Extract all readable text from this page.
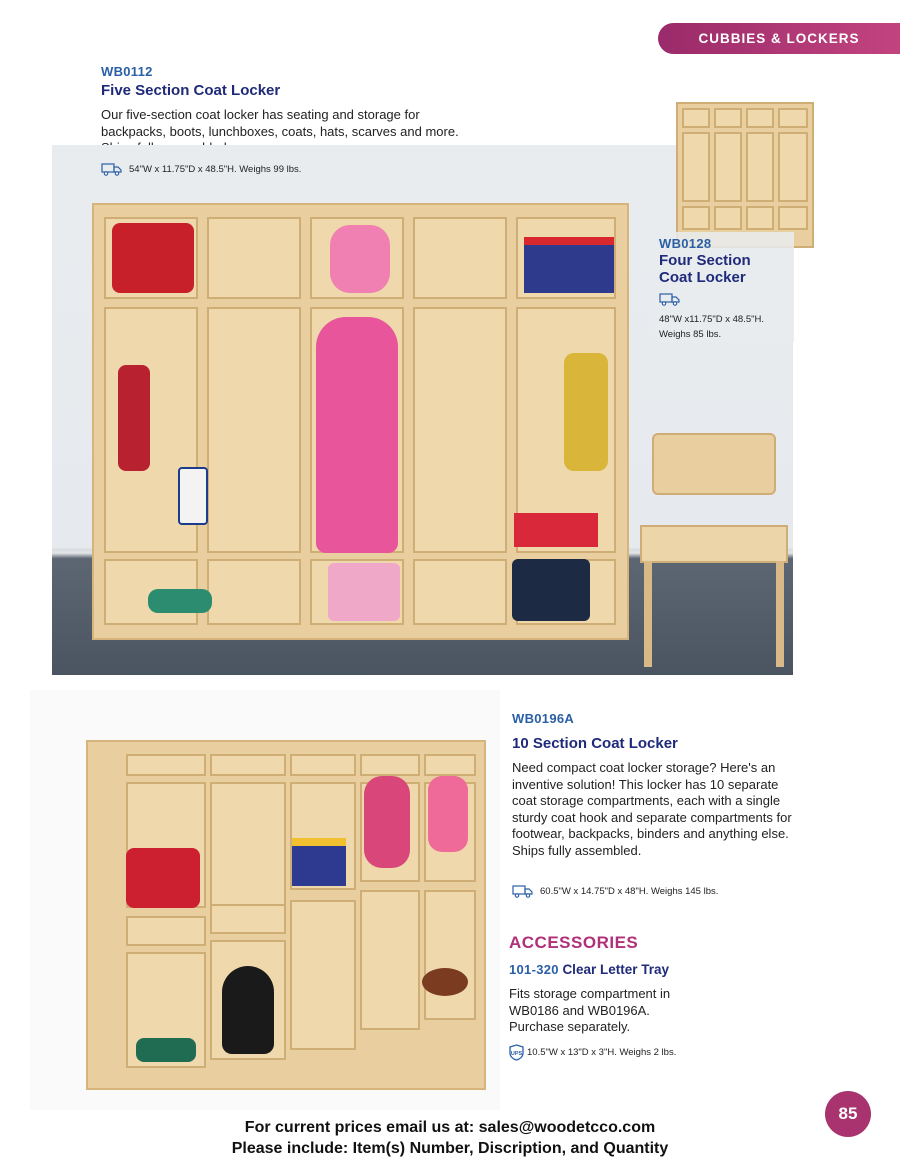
CUBBIES & LOCKERS
WB0112
Five Section Coat Locker
Our five-section coat locker has seating and storage for backpacks, boots, lunchboxes, coats, hats, scarves and more.
54"W x 11.75"D x 48.5"H. Weighs 99 lbs.
WB0128
Four Section
Coat Locker
48"W x11.75"D x 48.5"H.
Weighs 85 lbs.
WB0196A
10 Section Coat Locker
Need compact coat locker storage? Here's an inventive solution! This locker has 10 separate coat storage compartments, each with a single sturdy coat hook and separate compartments for footwear, backpacks, binders and anything else. Ships fully assembled.
60.5"W x 14.75"D x 48"H. Weighs 145 lbs.
ACCESSORIES
101-320 Clear Letter Tray
Fits storage compartment in WB0186 and WB0196A. Purchase separately.
UPS 10.5"W x 13"D x 3"H. Weighs 2 lbs.
85
For current prices email us at: sales@woodetcco.com
Please include: Item(s) Number, Discription, and Quantity
